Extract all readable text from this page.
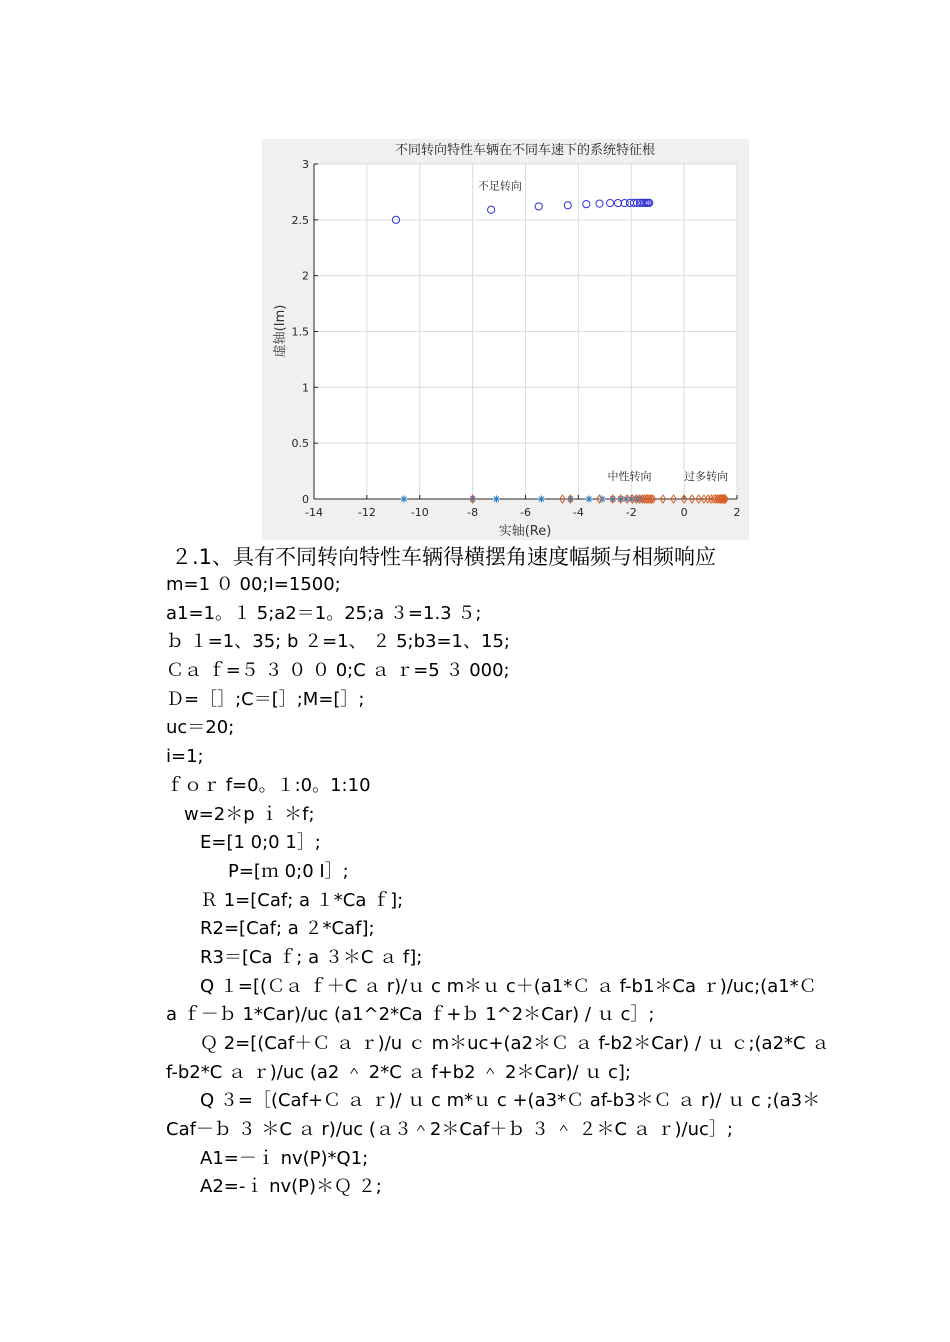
-14	-12	-10	-8	-6	-4	-2	0	2
0
0.5
1
1.5
2
2.5
3
不足转向
中性转向	过多转向
不同转向特性车辆在不同车速下的系统特征根
实轴(Re)
虚轴(Im)
２.1、具有不同转向特性车辆得横摆角速度幅频与相频响应
m=1 ０ 00;I=1500;
a1=1。１ 5;a2＝1。25;a ３=1.3 ５;
ｂ １=1、35; b ２=1、 ２ 5;b3=1、15;
Ｃａ ｆ=５ ３ ０ ０ 0;C ａ ｒ=5 ３ 000;
Ｄ=［］;C＝[］;M=[］;
uc＝20;
i=1;
ｆｏｒ f=0。１:0。1:10
w=2＊p ｉ ＊f;
E=[1 0;0 1］;
P=[ｍ 0;0 I］;
Ｒ 1=[Caf; a １*Ca ｆ];
R2=[Caf; a ２*Caf];
R3＝[Ca ｆ; a ３＊C ａ f];
Q １=[(Ｃａ ｆ＋C ａ r)/ｕ c m＊ｕ c＋(a1*Ｃ ａ f-b1＊Ca ｒ)/uc;(a1*Ｃ
a ｆ－ｂ 1*Car)/uc (a1^2*Ca ｆ+ｂ 1^2＊Car) / ｕ c］;
Ｑ 2=[(Caf＋Ｃ ａ ｒ)/u ｃ m＊uc+(a2＊Ｃ ａ f-b2＊Car) / ｕ ｃ;(a2*C ａ
f-b2*C ａ ｒ)/uc (a2 ＾ 2*C ａ f+b2 ＾ 2＊Car)/ ｕ c];
Q ３=［(Caf+Ｃ ａ ｒ)/ ｕ c m*ｕ c +(a3*Ｃ af-b3＊Ｃ ａ r)/ ｕ c ;(a3＊
Caf－ｂ ３ ＊C ａ r)/uc (ａ３＾2＊Caf＋ｂ ３ ＾ ２＊C ａ ｒ)/uc］;
A1=－ｉ nv(P)*Q1;
A2=-ｉ nv(P)＊Ｑ ２;
